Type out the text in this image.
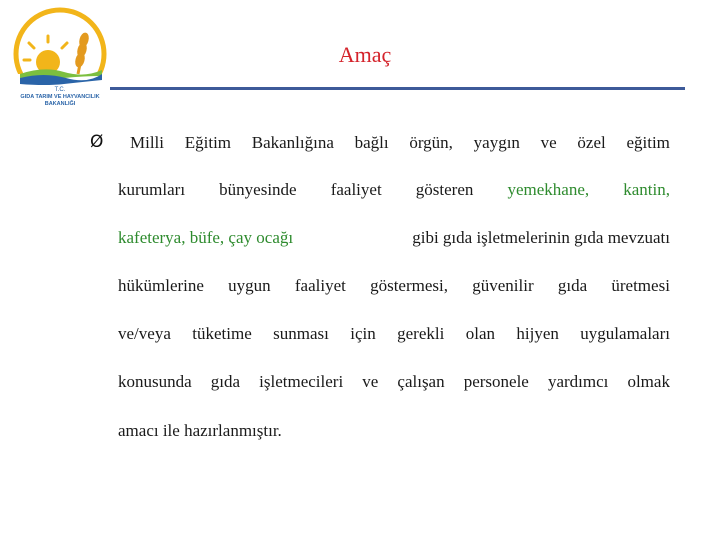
T.C.
GIDA TARIM VE HAYVANCILIK
BAKANLIĞI
Amaç
Ø Milli Eğitim Bakanlığına bağlı örgün, yaygın ve özel eğitim
kurumları bünyesinde faaliyet gösteren yemekhane, kantin,
kafeterya, büfe, çay ocağı	gibi gıda işletmelerinin gıda mevzuatı
hükümlerine uygun faaliyet göstermesi, güvenilir gıda üretmesi
ve/veya tüketime sunması için gerekli olan hijyen uygulamaları
konusunda gıda işletmecileri ve çalışan personele yardımcı olmak
amacı ile hazırlanmıştır.
